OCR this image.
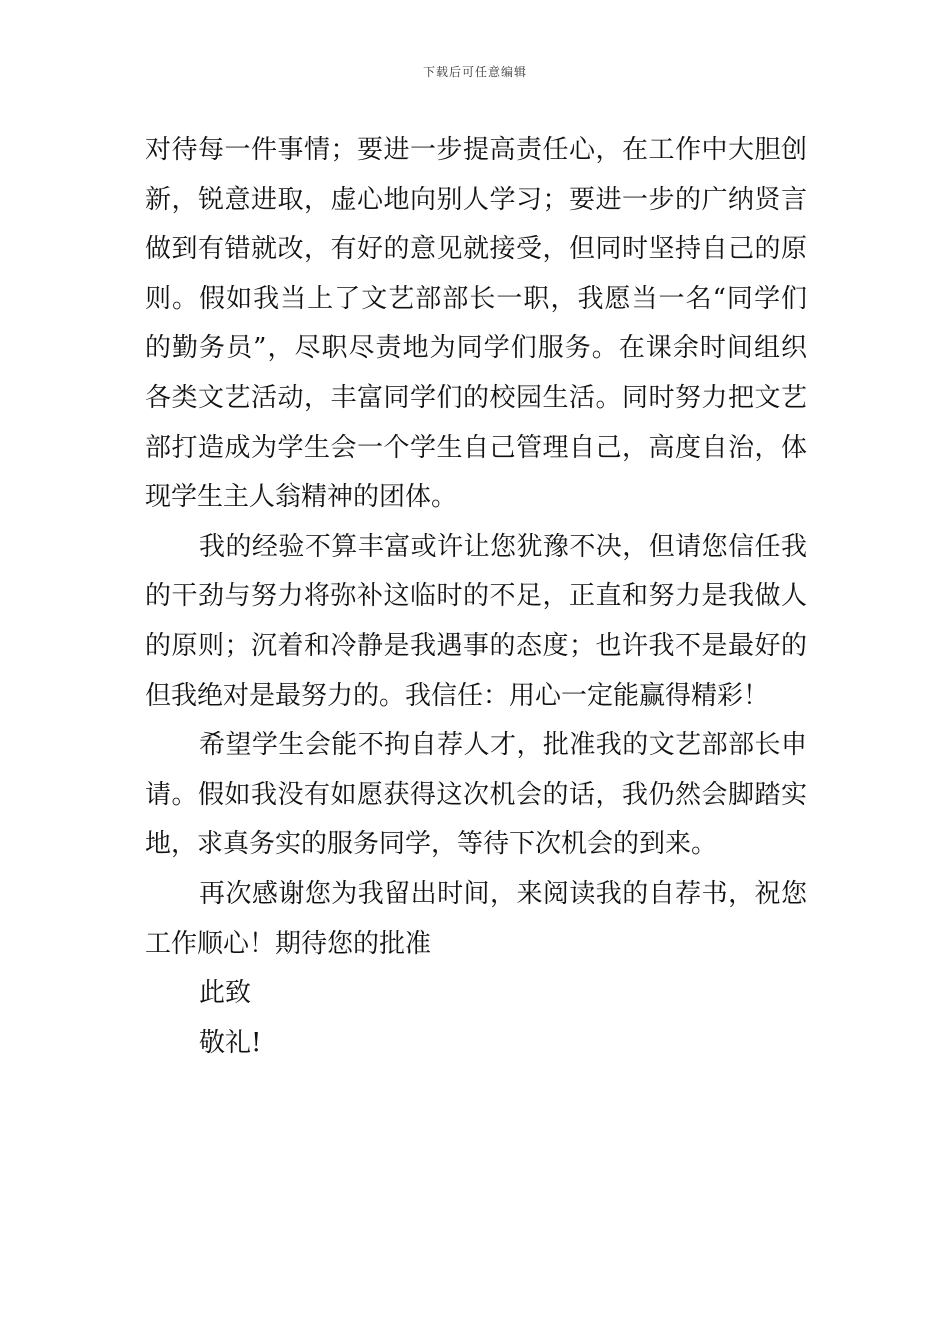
下载后可任意编辑
对待每一件事情；要进一步提高责任心，在工作中大胆创
新，锐意进取，虚心地向别人学习；要进一步的广纳贤言
做到有错就改，有好的意见就接受，但同时坚持自己的原
则。假如我当上了文艺部部长一职，我愿当一名“同学们
的勤务员”，尽职尽责地为同学们服务。在课余时间组织
各类文艺活动，丰富同学们的校园生活。同时努力把文艺
部打造成为学生会一个学生自己管理自己，高度自治，体
现学生主人翁精神的团体。
我的经验不算丰富或许让您犹豫不决，但请您信任我
的干劲与努力将弥补这临时的不足，正直和努力是我做人
的原则；沉着和冷静是我遇事的态度；也许我不是最好的
但我绝对是最努力的。我信任：用心一定能赢得精彩！
希望学生会能不拘自荐人才，批准我的文艺部部长申
请。假如我没有如愿获得这次机会的话，我仍然会脚踏实
地，求真务实的服务同学，等待下次机会的到来。
再次感谢您为我留出时间，来阅读我的自荐书，祝您
工作顺心！期待您的批准
此致
敬礼!
